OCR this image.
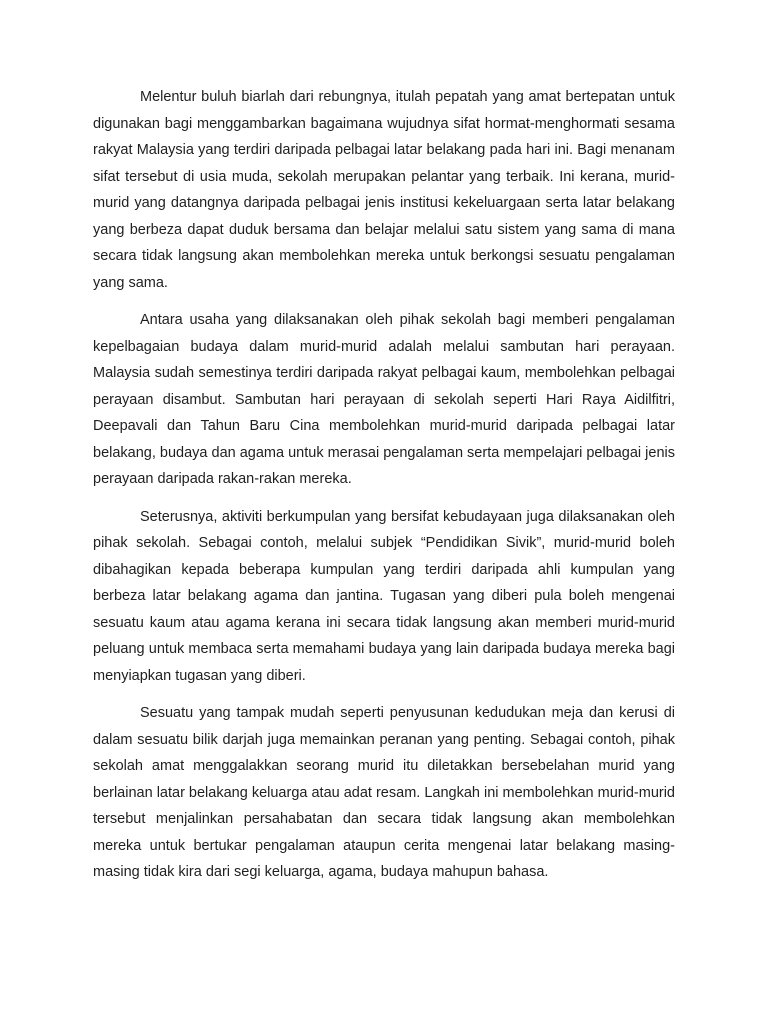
Melentur buluh biarlah dari rebungnya, itulah pepatah yang amat bertepatan untuk digunakan bagi menggambarkan bagaimana wujudnya sifat hormat-menghormati sesama rakyat Malaysia yang terdiri daripada pelbagai latar belakang pada hari ini. Bagi menanam sifat tersebut di usia muda, sekolah merupakan pelantar yang terbaik. Ini kerana, murid-murid yang datangnya daripada pelbagai jenis institusi kekeluargaan serta latar belakang yang berbeza dapat duduk bersama dan belajar melalui satu sistem yang sama di mana secara tidak langsung akan membolehkan mereka untuk berkongsi sesuatu pengalaman yang sama.

Antara usaha yang dilaksanakan oleh pihak sekolah bagi memberi pengalaman kepelbagaian budaya dalam murid-murid adalah melalui sambutan hari perayaan. Malaysia sudah semestinya terdiri daripada rakyat pelbagai kaum, membolehkan pelbagai perayaan disambut. Sambutan hari perayaan di sekolah seperti Hari Raya Aidilfitri, Deepavali dan Tahun Baru Cina membolehkan murid-murid daripada pelbagai latar belakang, budaya dan agama untuk merasai pengalaman serta mempelajari pelbagai jenis perayaan daripada rakan-rakan mereka.

Seterusnya, aktiviti berkumpulan yang bersifat kebudayaan juga dilaksanakan oleh pihak sekolah. Sebagai contoh, melalui subjek “Pendidikan Sivik”, murid-murid boleh dibahagikan kepada beberapa kumpulan yang terdiri daripada ahli kumpulan yang berbeza latar belakang agama dan jantina. Tugasan yang diberi pula boleh mengenai sesuatu kaum atau agama kerana ini secara tidak langsung akan memberi murid-murid peluang untuk membaca serta memahami budaya yang lain daripada budaya mereka bagi menyiapkan tugasan yang diberi.

Sesuatu yang tampak mudah seperti penyusunan kedudukan meja dan kerusi di dalam sesuatu bilik darjah juga memainkan peranan yang penting. Sebagai contoh, pihak sekolah amat menggalakkan seorang murid itu diletakkan bersebelahan murid yang berlainan latar belakang keluarga atau adat resam. Langkah ini membolehkan murid-murid tersebut menjalinkan persahabatan dan secara tidak langsung akan membolehkan mereka untuk bertukar pengalaman ataupun cerita mengenai latar belakang masing-masing tidak kira dari segi keluarga, agama, budaya mahupun bahasa.
